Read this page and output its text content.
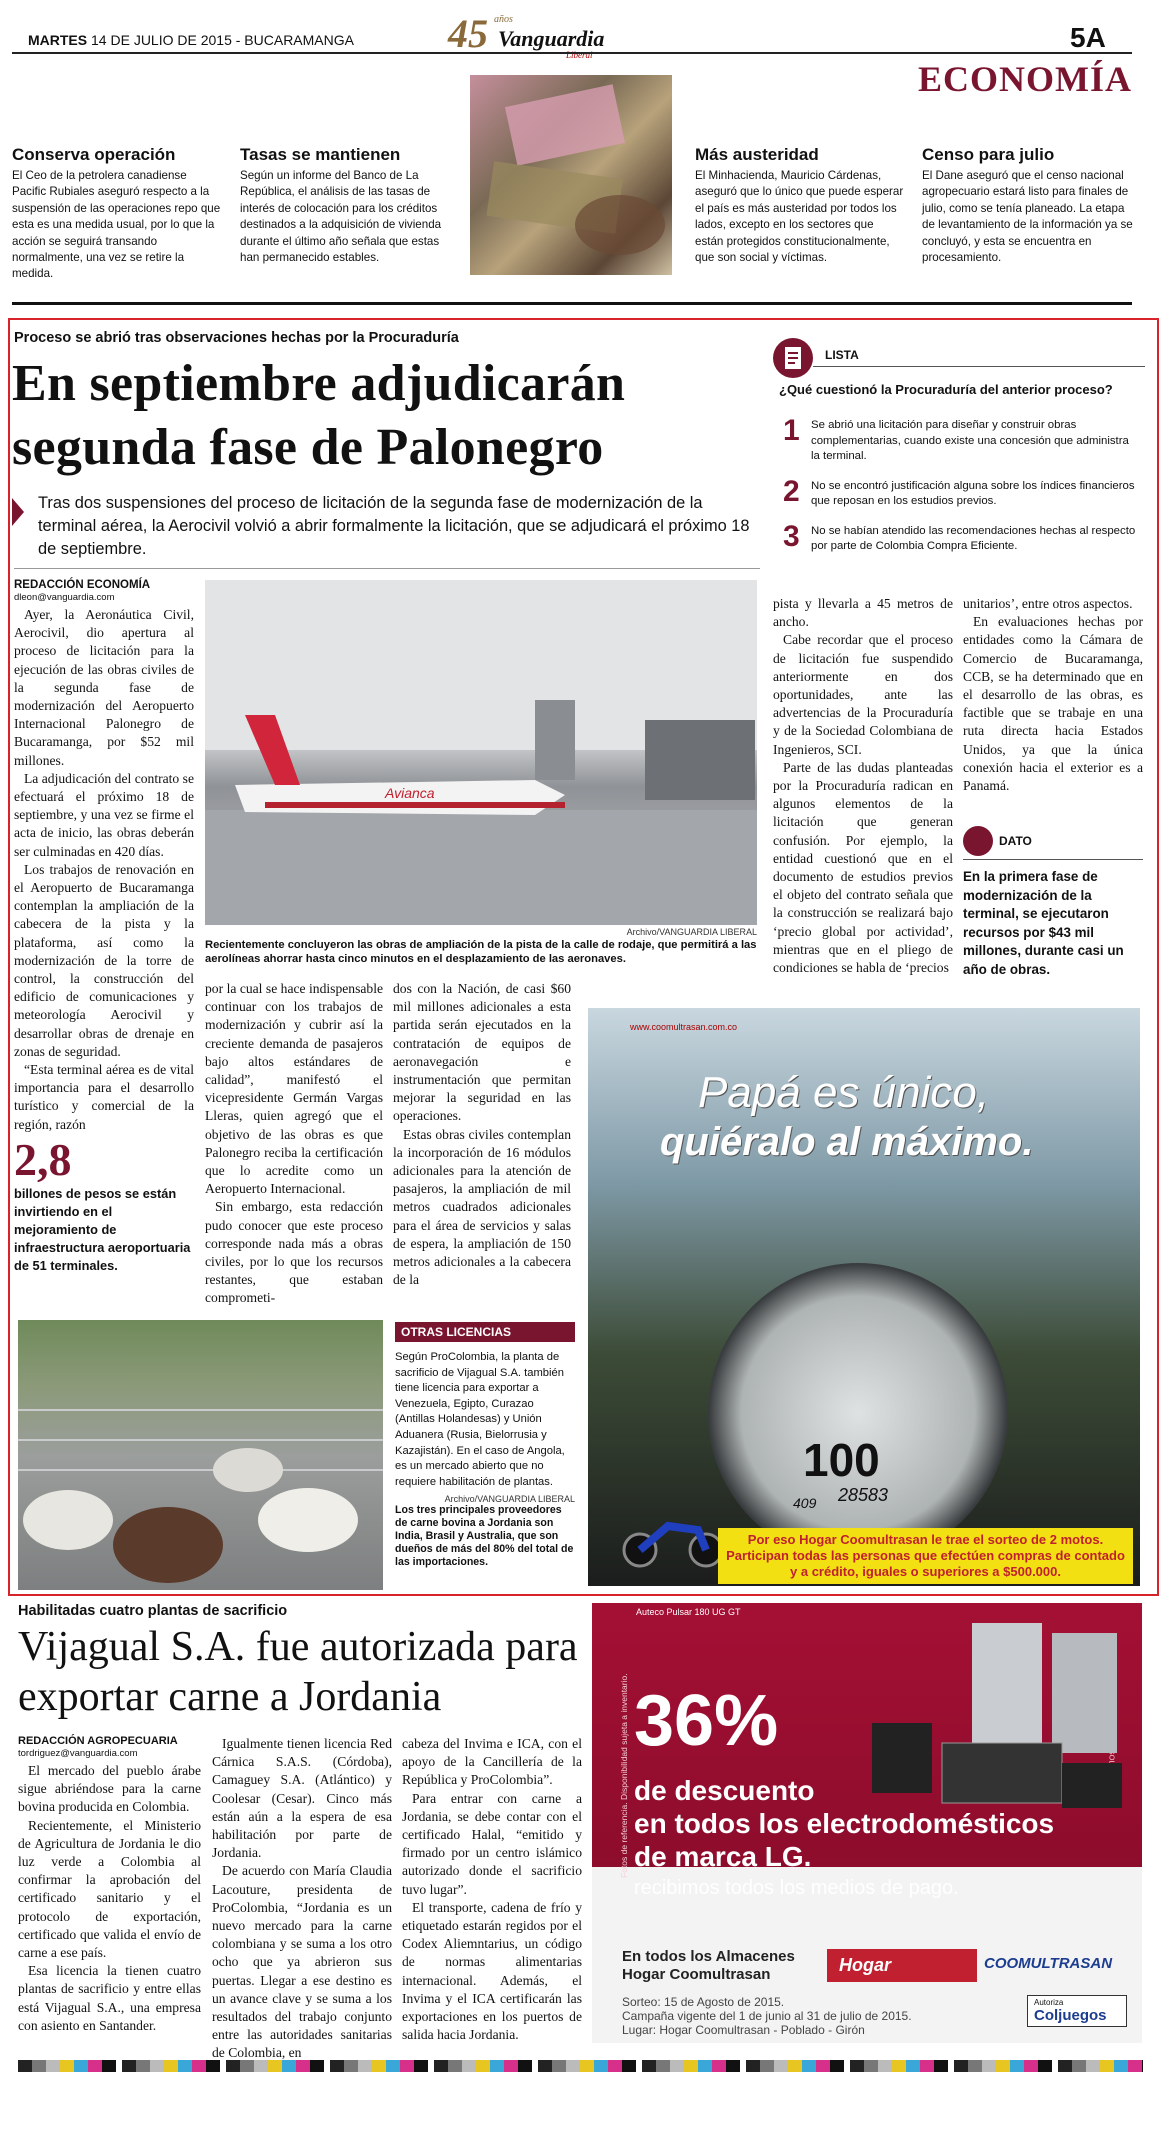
MARTES 14 DE JULIO DE 2015 - BUCARAMANGA 45 años
Vanguardia
Liberal
5A
ECONOMÍA
Conserva operación

El Ceo de la petrolera canadiense Pacific Rubiales aseguró respecto a la suspensión de las operaciones repo que esta es una medida usual, por lo que la acción se seguirá transando normalmente, una vez se retire la medida.

Tasas se mantienen

Según un informe del Banco de La República, el análisis de las tasas de interés de colocación para los créditos destinados a la adquisición de vivienda durante el último año señala que estas han permanecido estables.

Más austeridad

El Minhacienda, Mauricio Cárdenas, aseguró que lo único que puede esperar el país es más austeridad por todos los lados, excepto en los sectores que están protegidos constitucionalmente, que son social y víctimas.

Censo para julio

El Dane aseguró que el censo nacional agropecuario estará listo para finales de julio, como se tenía planeado. La etapa de levantamiento de la información ya se concluyó, y esta se encuentra en procesamiento.

Proceso se abrió tras observaciones hechas por la Procuraduría
En septiembre adjudicarán segunda fase de Palonegro

Tras dos suspensiones del proceso de licitación de la segunda fase de modernización de la terminal aérea, la Aerocivil volvió a abrir formalmente la licitación, que se adjudicará el próximo 18 de septiembre.

REDACCIÓN ECONOMÍA
dleon@vanguardia.com

Ayer, la Aeronáutica Civil, Aerocivil, dio apertura al proceso de licitación para la ejecución de las obras civiles de la segunda fase de modernización del Aeropuerto Internacional Palonegro de Bucaramanga, por $52 mil millones.

La adjudicación del contrato se efectuará el próximo 18 de septiembre, y una vez se firme el acta de inicio, las obras deberán ser culminadas en 420 días.

Los trabajos de renovación en el Aeropuerto de Bucaramanga contemplan la ampliación de la cabecera de la pista y la plataforma, así como la modernización de la torre de control, la construcción del edificio de comunicaciones y meteorología Aerocivil y desarrollar obras de drenaje en zonas de seguridad.

“Esta terminal aérea es de vital importancia para el desarrollo turístico y comercial de la región, razón

2,8
billones de pesos se están invirtiendo en el mejoramiento de infraestructura aeroportuaria de 51 terminales.
Avianca
Archivo/VANGUARDIA LIBERAL
Recientemente concluyeron las obras de ampliación de la pista de la calle de rodaje, que permitirá a las aerolíneas ahorrar hasta cinco minutos en el desplazamiento de las aeronaves.

por la cual se hace indispensable continuar con los trabajos de modernización y cubrir así la creciente demanda de pasajeros bajo altos estándares de calidad”, manifestó el vicepresidente Germán Vargas Lleras, quien agregó que el objetivo de las obras es que Palonegro reciba la certificación que lo acredite como un Aeropuerto Internacional.

Sin embargo, esta redacción pudo conocer que este proceso corresponde nada más a obras civiles, por lo que los recursos restantes, que estaban comprometi-

dos con la Nación, de casi $60 mil millones adicionales a esta partida serán ejecutados en la contratación de equipos de aeronavegación e instrumentación que permitan mejorar la seguridad en las operaciones.

Estas obras civiles contemplan la incorporación de 16 módulos adicionales para la atención de pasajeros, la ampliación de mil metros cuadrados adicionales para el área de servicios y salas de espera, la ampliación de 150 metros adicionales a la cabecera de la

pista y llevarla a 45 metros de ancho.

Cabe recordar que el proceso de licitación fue suspendido anteriormente en dos oportunidades, ante las advertencias de la Procuraduría y de la Sociedad Colombiana de Ingenieros, SCI.

Parte de las dudas planteadas por la Procuraduría radican en algunos elementos de la licitación que generan confusión. Por ejemplo, la entidad cuestionó que en el documento de estudios previos el objeto del contrato señala que la construcción se realizará bajo ‘precio global por actividad’, mientras que en el pliego de condiciones se habla de ‘precios

unitarios’, entre otros aspectos.

En evaluaciones hechas por entidades como la Cámara de Comercio de Bucaramanga, CCB, se ha determinado que en el desarrollo de las obras, es factible que se trabaje en una ruta directa hacia Estados Unidos, ya que la única conexión hacia el exterior es a Panamá.

LISTA
¿Qué cuestionó la Procuraduría del anterior proceso?
1 Se abrió una licitación para diseñar y construir obras complementarias, cuando existe una concesión que administra la terminal.
2 No se encontró justificación alguna sobre los índices financieros que reposan en los estudios previos.
3 No se habían atendido las recomendaciones hechas al respecto por parte de Colombia Compra Eficiente.
DATO

En la primera fase de modernización de la terminal, se ejecutaron recursos por $43 mil millones, durante casi un año de obras.

OTRAS LICENCIAS

Según ProColombia, la planta de sacrificio de Vijagual S.A. también tiene licencia para exportar a Venezuela, Egipto, Curazao (Antillas Holandesas) y Unión Aduanera (Rusia, Bielorrusia y Kazajistán). En el caso de Angola, es un mercado abierto que no requiere habilitación de plantas.

Archivo/VANGUARDIA LIBERAL
Los tres principales proveedores de carne bovina a Jordania son India, Brasil y Australia, que son dueños de más del 80% del total de las importaciones.
www.coomultrasan.com.co
Papá es único,
quiéralo al máximo.
100
28583
409
Por eso Hogar Coomultrasan le trae el sorteo de 2 motos.
Participan todas las personas que efectúen compras de contado y a crédito, iguales o superiores a $500.000.
Habilitadas cuatro plantas de sacrificio
Vijagual S.A. fue autorizada para exportar carne a Jordania
REDACCIÓN AGROPECUARIA
tordriguez@vanguardia.com

El mercado del pueblo árabe sigue abriéndose para la carne bovina producida en Colombia.

Recientemente, el Ministerio de Agricultura de Jordania le dio luz verde a Colombia al confirmar la aprobación del certificado sanitario y el protocolo de exportación, certificado que valida el envío de carne a ese país.

Esa licencia la tienen cuatro plantas de sacrificio y entre ellas está Vijagual S.A., una empresa con asiento en Santander.

Igualmente tienen licencia Red Cárnica S.A.S. (Córdoba), Camaguey S.A. (Atlántico) y Coolesar (Cesar). Cinco más están aún a la espera de esa habilitación por parte de Jordania.

De acuerdo con María Claudia Lacouture, presidenta de ProColombia, “Jordania es un nuevo mercado para la carne colombiana y se suma a los otro ocho que ya abrieron sus puertas. Llegar a ese destino es un avance clave y se suma a los resultados del trabajo conjunto entre las autoridades sanitarias de Colombia, en

cabeza del Invima e ICA, con el apoyo de la Cancillería de la República y ProColombia”.

Para entrar con carne a Jordania, se debe contar con el certificado Halal, “emitido y firmado por un centro islámico autorizado donde el sacrificio tuvo lugar”.

El transporte, cadena de frío y etiquetado estarán regidos por el Codex Aliemntarius, un código de normas alimentarias internacional. Además, el Invima y el ICA certificarán las exportaciones en los puertos de salida hacia Jordania.

Auteco Pulsar 180 UG GT
Fotos de referencia. Disponibilidad sujeta a inventario. 36%
de descuento
en todos los electrodomésticos
de marca LG.
recibimos todos los medios de pago.
En todos los Almacenes Hogar Coomultrasan	Hogar	COOMULTRASAN
Sorteo: 15 de Agosto de 2015.
Campaña vigente del 1 de junio al 31 de julio de 2015.
Lugar: Hogar Coomultrasan - Poblado - Girón
Autoriza
Coljuegos
